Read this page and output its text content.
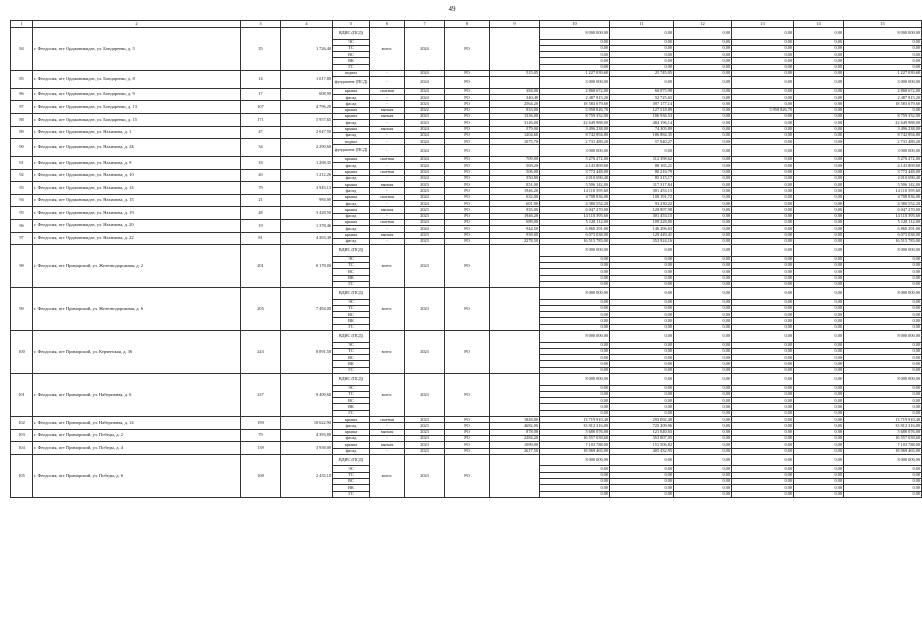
49
1	2	3	4	5	6	7	8	9	10	11	12	13	14	15
84	г. Феодосия, пгт Орджоникидзе, ул. Бондаренко, д. 5	35	1 726,40	ВДИС (ПСД)	всего:	2024	РО		8 000 000,00	0,00	0,00	0,00	0,00	8 000 000,00
				ЭС					0,00	0,00	0,00	0,00	0,00	0,00
				ТС					0,00	0,00	0,00	0,00	0,00	0,00
				ВС					0,00	0,00	0,00	0,00	0,00	0,00
				ВК					0,00	0,00	0,00	0,00	0,00	0,00
				ГС					0,00	0,00	0,00	0,00	0,00	0,00
85	г. Феодосия, пгт Орджоникидзе, ул. Бондаренко, д. 8	14	1 017,80	подвал	-	2024	РО	515,05	1 227 039,60	25 745,05	0,00	0,00	0,00	1 227 039,60
				фундамент (ПСД)	-	2024	РО		3 000 000,00	0,00	0,00	0,00	0,00	3 000 000,00
86	г. Феодосия, пгт Орджоникидзе, ул. Бондаренко, д. 9	17	608,90	крыша	скатная	2024	РО	384,00	2 868 672,00	60 875,98	0,00	0,00	0,00	2 868 672,00
				фасад	-	2024	РО	340,40	2 487 815,20	52 725,65	0,00	0,00	0,00	2 487 815,20
87	г. Феодосия, пгт Орджоникидзе, ул. Бондаренко, д. 13	107	4 796,20	фасад	-	2023	РО	2564,20	18 583 679,60	397 177,14	0,00	0,00	0,00	18 583 679,60
				крыша	мягкая	2022	РО	933,00	5 958 826,70	127 518,89	0,00	5 958 826,70	0,00	0,00
88	г. Феодосия, пгт Орджоникидзе, ул. Бондаренко, д. 15	171	5 957,65	крыша	мягкая	2023	РО	1336,00	8 759 352,00	186 936,53	0,00	0,00	0,00	8 759 352,00
				фасад	-	2023	РО	3126,00	22 649 988,00	484 196,14	0,00	0,00	0,00	22 649 988,00
89	г. Феодосия, пгт Орджоникидзе, ул. Нахимова, д. 1	47	2 047,50	крыша	мягкая	2024	РО	579,00	3 496 238,00	74 305,89	0,00	0,00	0,00	3 496 238,00
				фасад	-	2024	РО	1204,60	8 742 894,80	186 884,35	0,00	0,00	0,00	8 742 894,80
90	г. Феодосия, пгт Орджоникидзе, ул. Нахимова, д. 2Б	34	2 290,60	подвал	-	2024	РО	1075,70	2 731 489,20	57 940,27	0,00	0,00	0,00	2 731 489,20
				фундамент (ПСД)	-	2024	РО		3 000 000,00	0,00	0,00	0,00	0,00	3 000 000,00
91	г. Феодосия, пгт Орджоникидзе, ул. Нахимова, д. 9	18	1 268,35	крыша	скатная	2024	РО	709,00	5 276 272,00	112 398,62	0,00	0,00	0,00	5 276 272,00
				фасад	-	2024	РО	569,20	4 143 869,60	88 165,21	0,00	0,00	0,00	4 143 869,60
92	г. Феодосия, пгт Орджоникидзе, ул. Нахимова, д. 10	20	1 212,26	крыша	скатная	2024	РО	506,00	3 772 448,00	80 216,79	0,00	0,00	0,00	3 772 448,00
				фасад	-	2024	РО	550,80	4 010 690,40	85 315,17	0,00	0,00	0,00	4 010 690,40
93	г. Феодосия, пгт Орджоникидзе, ул. Нахимова, д. 14	79	3 945,13	крыша	мягкая	2023	РО	851,00	5 506 142,00	117 317,84	0,00	0,00	0,00	5 506 142,00
				фасад	-	2023	РО	1946,20	14 110 595,60	301 453,15	0,00	0,00	0,00	14 110 595,60
94	г. Феодосия, пгт Орджоникидзе, ул. Нахимова, д. 15	21	984,00	крыша	скатная	2024	РО	632,00	4 708 836,00	100 191,72	0,00	0,00	0,00	4 708 836,00
				фасад	-	2024	РО	601,90	4 380 552,20	93 230,22	0,00	0,00	0,00	4 380 552,20
95	г. Феодосия, пгт Орджоникидзе, ул. Нахимова, д. 19	48	3 428,50	крыша	мягкая	2023	РО	935,00	6 047 270,00	128 897,98	0,00	0,00	0,00	6 047 270,00
				фасад	-	2023	РО	1946,20	14 110 595,60	301 453,15	0,00	0,00	0,00	14 110 595,60
96	г. Феодосия, пгт Орджоникидзе, ул. Нахимова, д. 20	19	1 378,46	крыша	скатная	2024	РО	689,00	5 128 112,00	109 228,00	0,00	0,00	0,00	5 128 112,00
				фасад	-	2024	РО	944,50	6 860 291,00	146 296,63	0,00	0,00	0,00	6 860 291,00
97	г. Феодосия, пгт Орджоникидзе, ул. Нахимова, д. 22	81	4 263,40	крыша	мягкая	2023	РО	939,00	6 073 038,00	129 449,41	0,00	0,00	0,00	6 073 038,00
				фасад	-	2023	РО	2278,50	16 515 783,00	352 924,16	0,00	0,00	0,00	16 515 783,00
98	г. Феодосия, пгт Приморский, ул. Железнодорожная, д. 2	201	6 178,00	ВДИС (ПСД)	всего:	2023	РО		8 000 000,00	0,00	0,00	0,00	0,00	8 000 000,00
				ЭС					0,00	0,00	0,00	0,00	0,00	0,00
				ТС					0,00	0,00	0,00	0,00	0,00	0,00
				ВС					0,00	0,00	0,00	0,00	0,00	0,00
				ВК					0,00	0,00	0,00	0,00	0,00	0,00
				ГС					0,00	0,00	0,00	0,00	0,00	0,00
99	г. Феодосия, пгт Приморский, ул. Железнодорожная, д. 6	205	7 494,00	ВДИС (ПСД)	всего:	2023	РО		8 000 000,00	0,00	0,00	0,00	0,00	8 000 000,00
				ЭС					0,00	0,00	0,00	0,00	0,00	0,00
				ТС					0,00	0,00	0,00	0,00	0,00	0,00
				ВС					0,00	0,00	0,00	0,00	0,00	0,00
				ВК					0,00	0,00	0,00	0,00	0,00	0,00
				ГС					0,00	0,00	0,00	0,00	0,00	0,00
100	г. Феодосия, пгт Приморский, ул. Керченская, д. 36	243	8 091,50	ВДИС (ПСД)	всего:	2023	РО		8 000 000,00	0,00	0,00	0,00	0,00	8 000 000,00
				ЭС					0,00	0,00	0,00	0,00	0,00	0,00
				ТС					0,00	0,00	0,00	0,00	0,00	0,00
				ВС					0,00	0,00	0,00	0,00	0,00	0,00
				ВК					0,00	0,00	0,00	0,00	0,00	0,00
				ГС					0,00	0,00	0,00	0,00	0,00	0,00
101	г. Феодосия, пгт Приморский, ул. Набережная, д. 6	237	9 409,60	ВДИС (ПСД)	всего:	2023	РО		8 000 000,00	0,00	0,00	0,00	0,00	8 000 000,00
				ЭС					0,00	0,00	0,00	0,00	0,00	0,00
				ТС					0,00	0,00	0,00	0,00	0,00	0,00
				ВС					0,00	0,00	0,00	0,00	0,00	0,00
				ВК					0,00	0,00	0,00	0,00	0,00	0,00
				ГС					0,00	0,00	0,00	0,00	0,00	0,00
102	г. Феодосия, пгт Приморский, ул. Набережная, д. 14	190	10 622,90	крыша	скатная	2023	РО	1848,80	13 719 910,40	293 092,48	0,00	0,00	0,00	13 719 910,40
				фасад	-	2023	РО	4682,00	33 912 316,00	725 209,96	0,00	0,00	0,00	33 912 316,00
103	г. Феодосия, пгт Приморский, ул. Победы, д. 2	79	4 393,80	крыша	мягкая	2023	РО	878,00	5 680 076,00	121 040,03	0,00	0,00	0,00	5 680 076,00
				фасад	-	2023	РО	2284,20	16 557 039,60	353 807,05	0,00	0,00	0,00	16 557 039,60
104	г. Феодосия, пгт Приморский, ул. Победы, д. 4	139	3 938,00	крыша	мягкая	2023	РО	1099,00	7 103 788,00	151 506,82	0,00	0,00	0,00	7 103 788,00
				фасад	-	2023	РО	2617,50	18 969 465,00	405 432,95	0,00	0,00	0,00	18 969 465,00
105	г. Феодосия, пгт Приморский, ул. Победы, д. 6	108	2 435,10	ВДИС (ПСД)	всего:	2023	РО		8 000 000,00	0,00	0,00	0,00	0,00	8 000 000,00
				ЭС					0,00	0,00	0,00	0,00	0,00	0,00
				ТС					0,00	0,00	0,00	0,00	0,00	0,00
				ВС					0,00	0,00	0,00	0,00	0,00	0,00
				ВК					0,00	0,00	0,00	0,00	0,00	0,00
				ГС					0,00	0,00	0,00	0,00	0,00	0,00
